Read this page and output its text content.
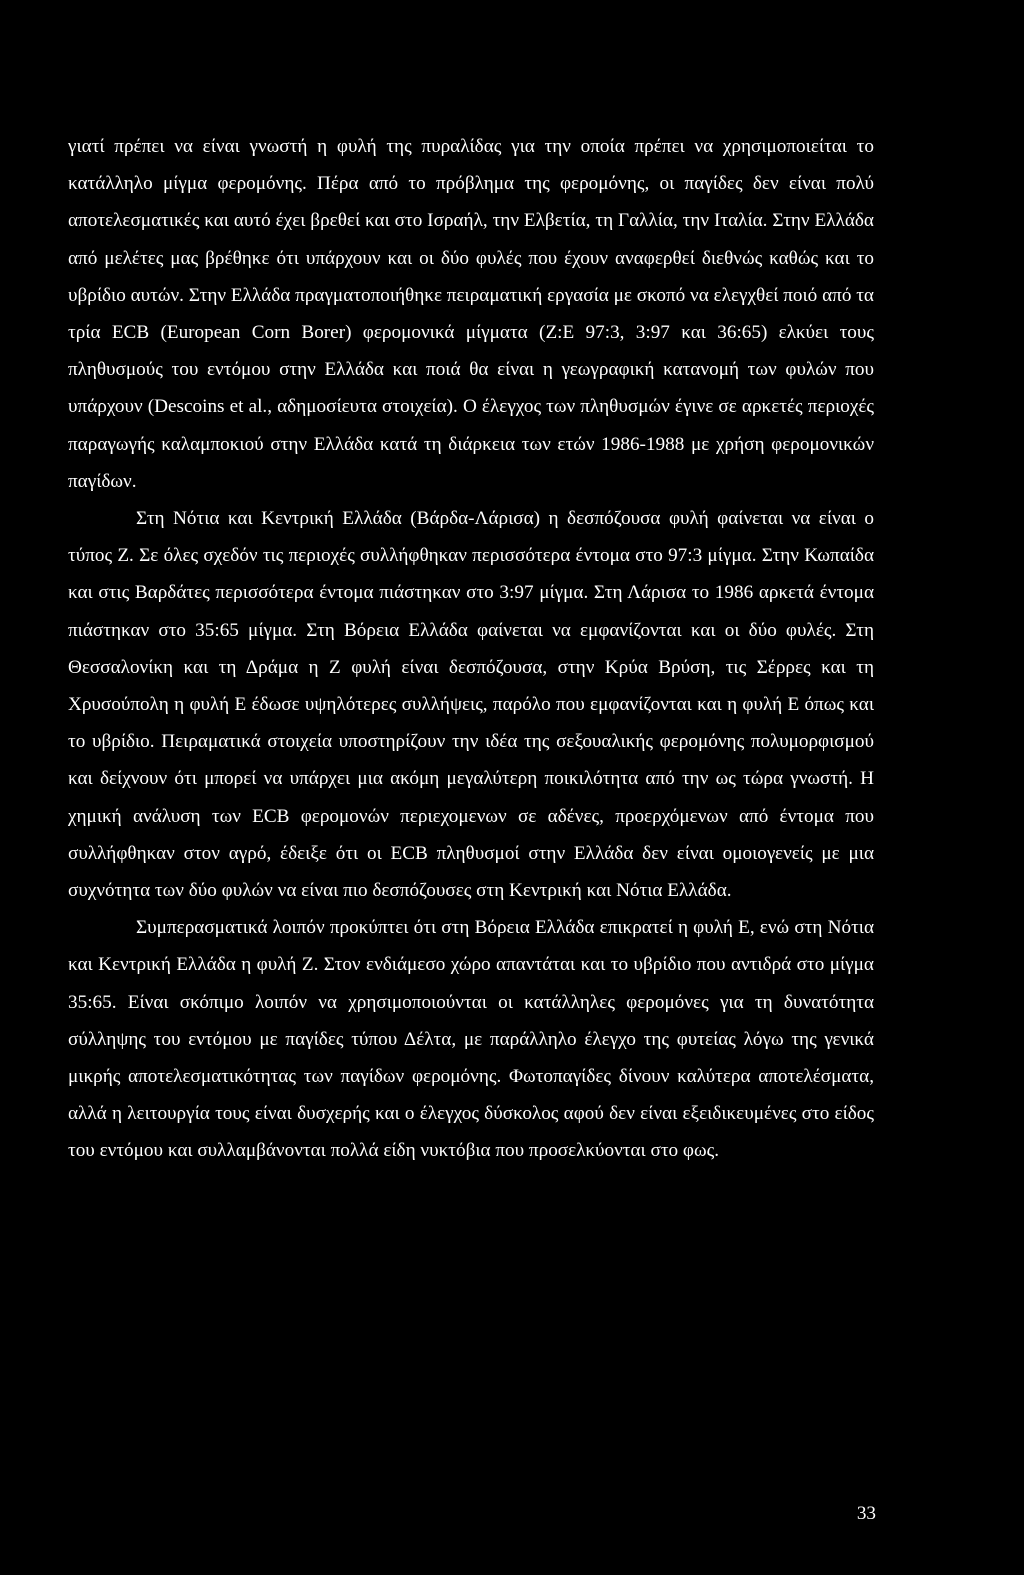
γιατί πρέπει να είναι γνωστή η φυλή της πυραλίδας για την οποία πρέπει να χρησιμοποιείται το κατάλληλο μίγμα φερομόνης. Πέρα από το πρόβλημα της φερομόνης, οι παγίδες δεν είναι πολύ αποτελεσματικές και αυτό έχει βρεθεί και στο Ισραήλ, την Ελβετία, τη Γαλλία, την Ιταλία. Στην Ελλάδα από μελέτες μας βρέθηκε ότι υπάρχουν και οι δύο φυλές που έχουν αναφερθεί διεθνώς καθώς και το υβρίδιο αυτών. Στην Ελλάδα πραγματοποιήθηκε πειραματική εργασία με σκοπό να ελεγχθεί ποιό από τα τρία ECB (European Corn Borer) φερομονικά μίγματα (Ζ:Ε 97:3, 3:97 και 36:65) ελκύει τους πληθυσμούς του εντόμου στην Ελλάδα και ποιά θα είναι η γεωγραφική κατανομή των φυλών που υπάρχουν (Descoins et al., αδημοσίευτα στοιχεία). Ο έλεγχος των πληθυσμών έγινε σε αρκετές περιοχές παραγωγής καλαμποκιού στην Ελλάδα κατά τη διάρκεια των ετών 1986-1988 με χρήση φερομονικών παγίδων.

Στη Νότια και Κεντρική Ελλάδα (Βάρδα-Λάρισα) η δεσπόζουσα φυλή φαίνεται να είναι ο τύπος Ζ. Σε όλες σχεδόν τις περιοχές συλλήφθηκαν περισσότερα έντομα στο 97:3 μίγμα. Στην Κωπαίδα και στις Βαρδάτες περισσότερα έντομα πιάστηκαν στο 3:97 μίγμα. Στη Λάρισα το 1986 αρκετά έντομα πιάστηκαν στο 35:65 μίγμα. Στη Βόρεια Ελλάδα φαίνεται να εμφανίζονται και οι δύο φυλές. Στη Θεσσαλονίκη και τη Δράμα η Ζ φυλή είναι δεσπόζουσα, στην Κρύα Βρύση, τις Σέρρες και τη Χρυσούπολη η φυλή Ε έδωσε υψηλότερες συλλήψεις, παρόλο που εμφανίζονται και η φυλή Ε όπως και το υβρίδιο. Πειραματικά στοιχεία υποστηρίζουν την ιδέα της σεξουαλικής φερομόνης πολυμορφισμού και δείχνουν ότι μπορεί να υπάρχει μια ακόμη μεγαλύτερη ποικιλότητα από την ως τώρα γνωστή. Η χημική ανάλυση των ECB φερομονών περιεχομενων σε αδένες, προερχόμενων από έντομα που συλλήφθηκαν στον αγρό, έδειξε ότι οι ECB πληθυσμοί στην Ελλάδα δεν είναι ομοιογενείς με μια συχνότητα των δύο φυλών να είναι πιο δεσπόζουσες στη Κεντρική και Νότια Ελλάδα.

Συμπερασματικά λοιπόν προκύπτει ότι στη Βόρεια Ελλάδα επικρατεί η φυλή Ε, ενώ στη Νότια και Κεντρική Ελλάδα η φυλή Ζ. Στον ενδιάμεσο χώρο απαντάται και το υβρίδιο που αντιδρά στο μίγμα 35:65. Είναι σκόπιμο λοιπόν να χρησιμοποιούνται οι κατάλληλες φερομόνες για τη δυνατότητα σύλληψης του εντόμου με παγίδες τύπου Δέλτα, με παράλληλο έλεγχο της φυτείας λόγω της γενικά μικρής αποτελεσματικότητας των παγίδων φερομόνης. Φωτοπαγίδες δίνουν καλύτερα αποτελέσματα, αλλά η λειτουργία τους είναι δυσχερής και ο έλεγχος δύσκολος αφού δεν είναι εξειδικευμένες στο είδος του εντόμου και συλλαμβάνονται πολλά είδη νυκτόβια που προσελκύονται στο φως.

33
